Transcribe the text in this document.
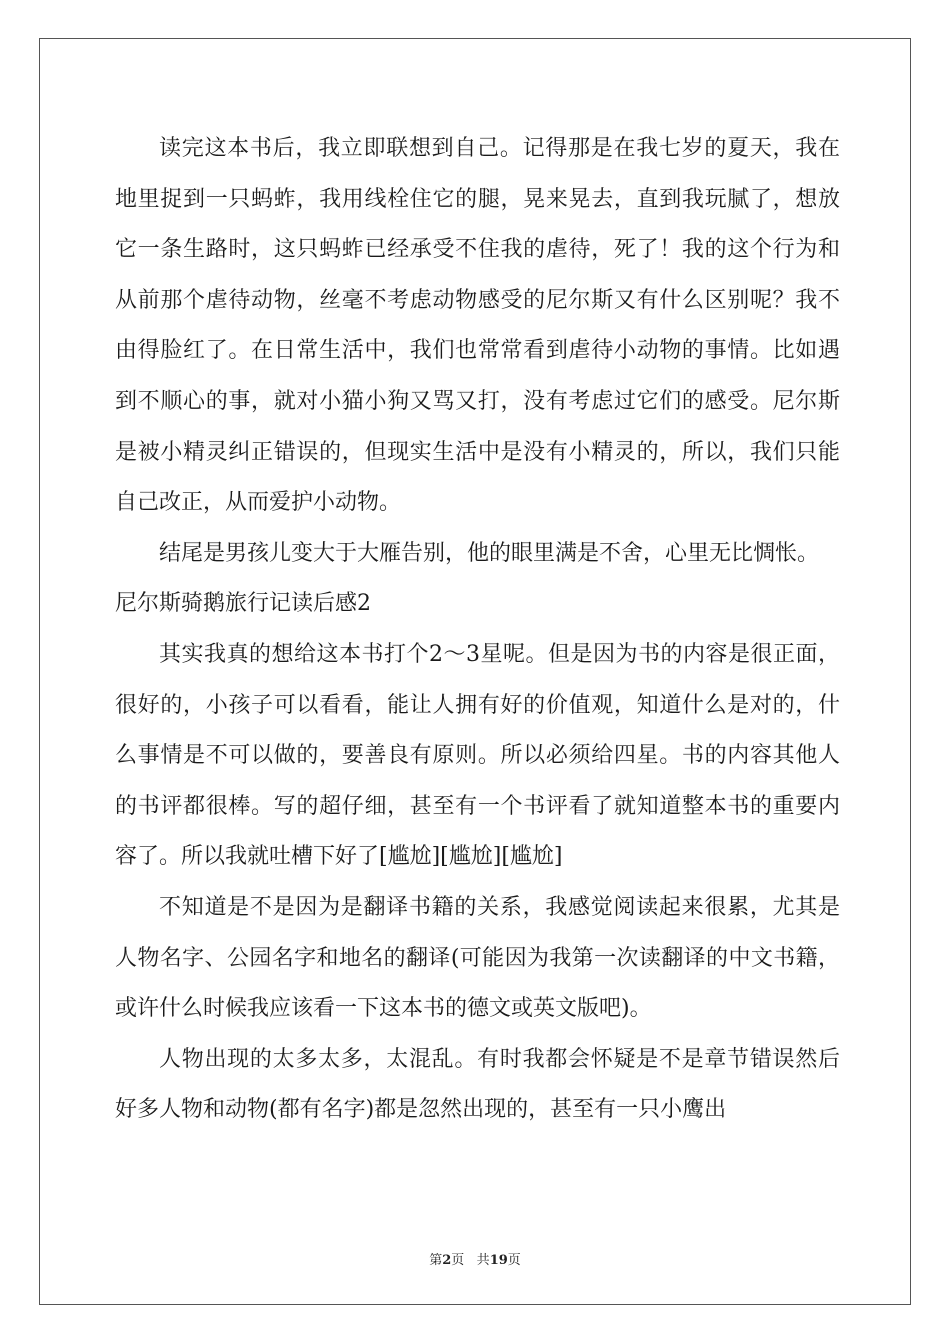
读完这本书后，我立即联想到自己。记得那是在我七岁的夏天，我在地里捉到一只蚂蚱，我用线栓住它的腿，晃来晃去，直到我玩腻了，想放它一条生路时，这只蚂蚱已经承受不住我的虐待，死了！我的这个行为和从前那个虐待动物，丝毫不考虑动物感受的尼尔斯又有什么区别呢？我不由得脸红了。在日常生活中，我们也常常看到虐待小动物的事情。比如遇到不顺心的事，就对小猫小狗又骂又打，没有考虑过它们的感受。尼尔斯是被小精灵纠正错误的，但现实生活中是没有小精灵的，所以，我们只能自己改正，从而爱护小动物。

结尾是男孩儿变大于大雁告别，他的眼里满是不舍，心里无比惆怅。

尼尔斯骑鹅旅行记读后感2

其实我真的想给这本书打个2～3星呢。但是因为书的内容是很正面，很好的，小孩子可以看看，能让人拥有好的价值观，知道什么是对的，什么事情是不可以做的，要善良有原则。所以必须给四星。书的内容其他人的书评都很棒。写的超仔细，甚至有一个书评看了就知道整本书的重要内容了。所以我就吐槽下好了[尴尬][尴尬][尴尬]

不知道是不是因为是翻译书籍的关系，我感觉阅读起来很累，尤其是人物名字、公园名字和地名的翻译(可能因为我第一次读翻译的中文书籍，或许什么时候我应该看一下这本书的德文或英文版吧)。

人物出现的太多太多，太混乱。有时我都会怀疑是不是章节错误然后好多人物和动物(都有名字)都是忽然出现的，甚至有一只小鹰出

第2页 共19页
